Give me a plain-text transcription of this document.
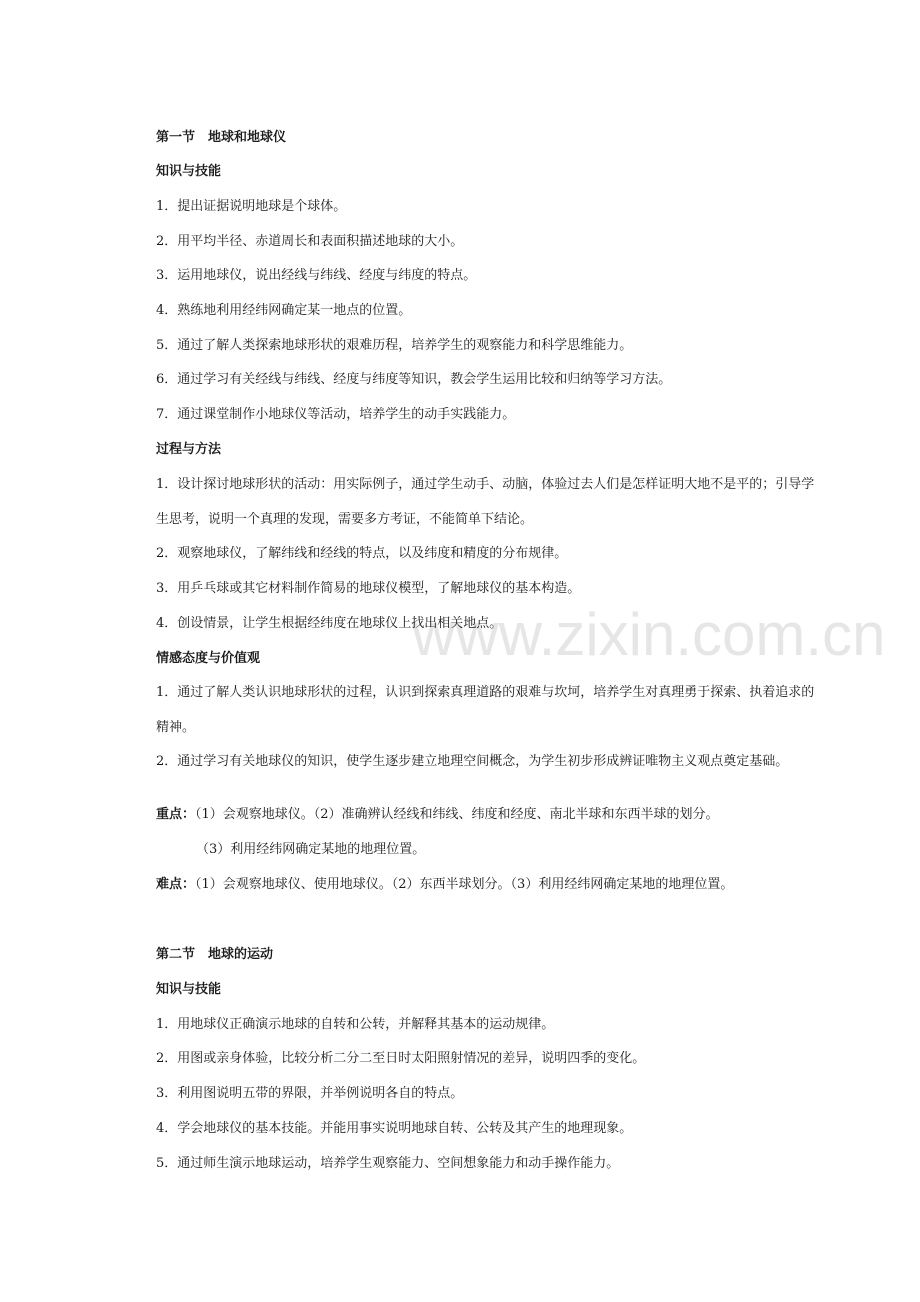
www.zixin.com.cn
第一节　地球和地球仪
知识与技能
1．提出证据说明地球是个球体。
2．用平均半径、赤道周长和表面积描述地球的大小。
3．运用地球仪，说出经线与纬线、经度与纬度的特点。
4．熟练地利用经纬网确定某一地点的位置。
5．通过了解人类探索地球形状的艰难历程，培养学生的观察能力和科学思维能力。
6．通过学习有关经线与纬线、经度与纬度等知识，教会学生运用比较和归纳等学习方法。
7．通过课堂制作小地球仪等活动，培养学生的动手实践能力。
过程与方法
1．设计探讨地球形状的活动：用实际例子，通过学生动手、动脑，体验过去人们是怎样证明大地不是平的；引导学
生思考，说明一个真理的发现，需要多方考证，不能简单下结论。
2．观察地球仪，了解纬线和经线的特点，以及纬度和精度的分布规律。
3．用乒乓球或其它材料制作简易的地球仪模型，了解地球仪的基本构造。
4．创设情景，让学生根据经纬度在地球仪上找出相关地点。
情感态度与价值观
1．通过了解人类认识地球形状的过程，认识到探索真理道路的艰难与坎坷，培养学生对真理勇于探索、执着追求的
精神。
2．通过学习有关地球仪的知识，使学生逐步建立地理空间概念，为学生初步形成辨证唯物主义观点奠定基础。
重点：（1）会观察地球仪。（2）准确辨认经线和纬线、纬度和经度、南北半球和东西半球的划分。
（3）利用经纬网确定某地的地理位置。
难点：（1）会观察地球仪、使用地球仪。（2）东西半球划分。（3）利用经纬网确定某地的地理位置。
第二节　地球的运动
知识与技能
1．用地球仪正确演示地球的自转和公转，并解释其基本的运动规律。
2．用图或亲身体验，比较分析二分二至日时太阳照射情况的差异，说明四季的变化。
3．利用图说明五带的界限，并举例说明各自的特点。
4．学会地球仪的基本技能。并能用事实说明地球自转、公转及其产生的地理现象。
5．通过师生演示地球运动，培养学生观察能力、空间想象能力和动手操作能力。
